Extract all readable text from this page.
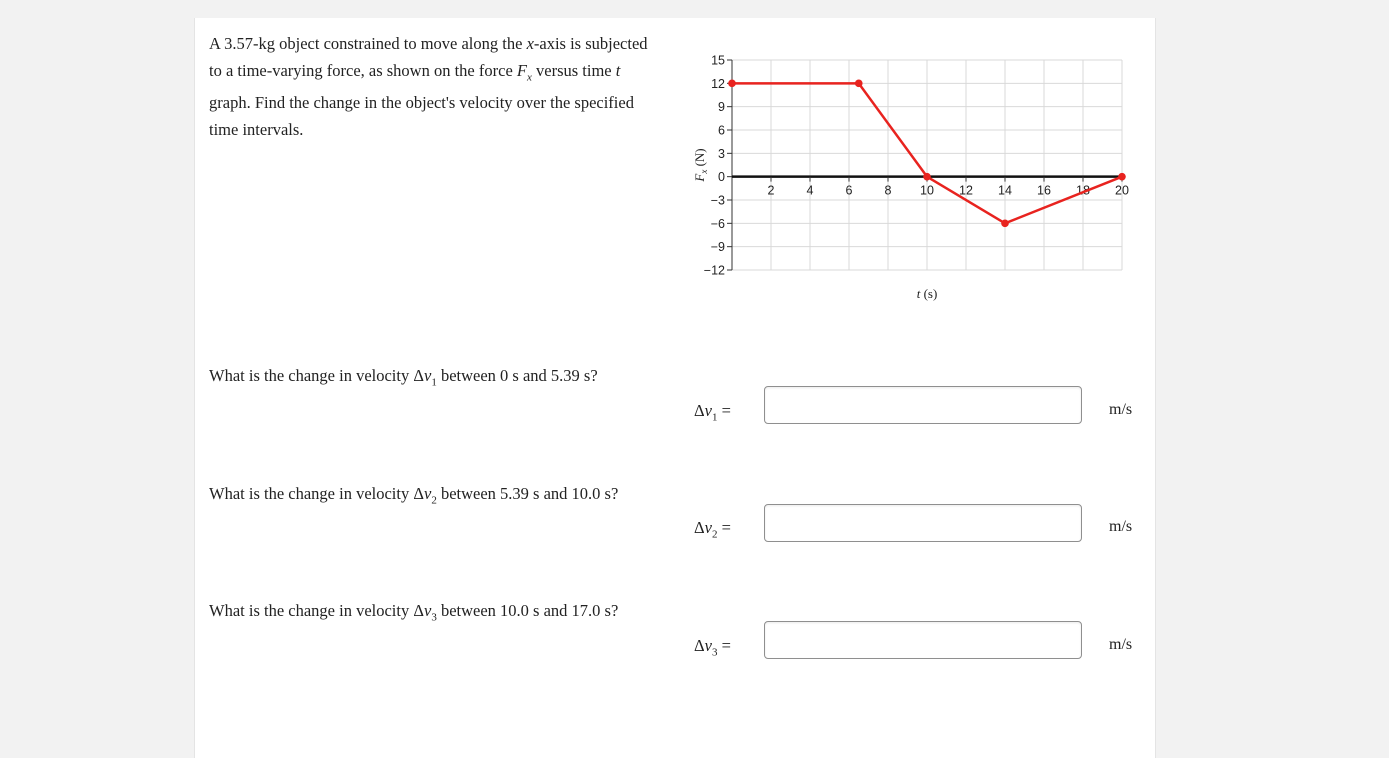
A 3.57-kg object constrained to move along the x-axis is subjected to a time-varying force, as shown on the force $F_x$ versus time t graph. Find the change in the object's velocity over the specified time intervals.
15
12
9
6
3
0
−3
−6
−9
−12
2	4	6	8 10 12 14 16 18 20
$F_x$ (N)
t (s)
What is the change in velocity $\Delta v_1$ between 0 s and 5.39 s?
$\Delta v_1$ =	m/s
What is the change in velocity $\Delta v_2$ between 5.39 s and 10.0 s?
$\Delta v_2$ =	m/s
What is the change in velocity $\Delta v_3$ between 10.0 s and 17.0 s?
$\Delta v_3$ =	m/s
